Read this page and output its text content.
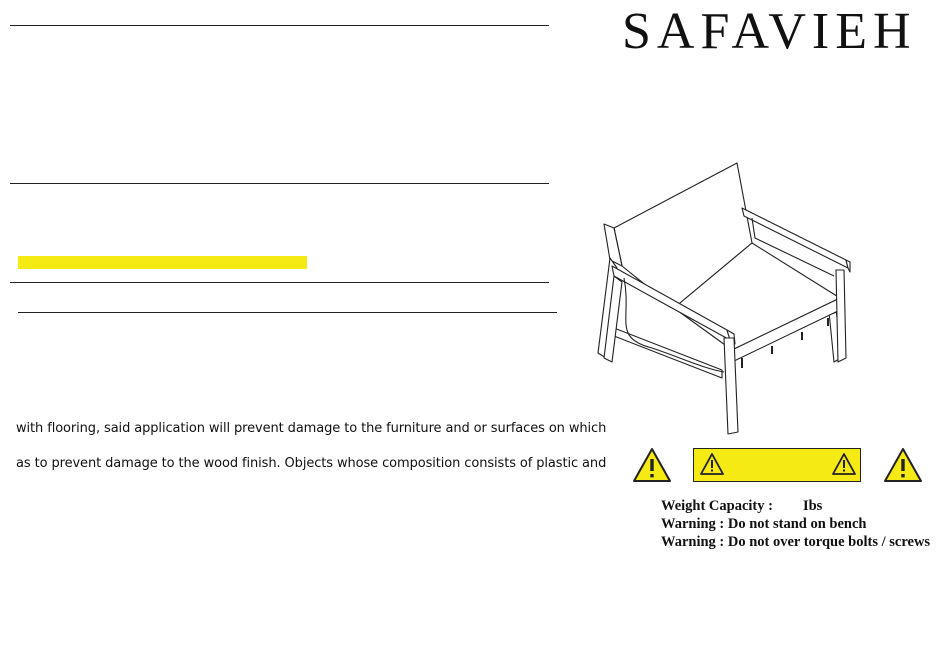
with flooring, said application will prevent damage to the furniture and or surfaces on which
as to prevent damage to the wood finish. Objects whose composition consists of plastic and
SAFAVIEH
Weight Capacity : Ibs
Warning : Do not stand on bench
Warning : Do not over torque bolts / screws
